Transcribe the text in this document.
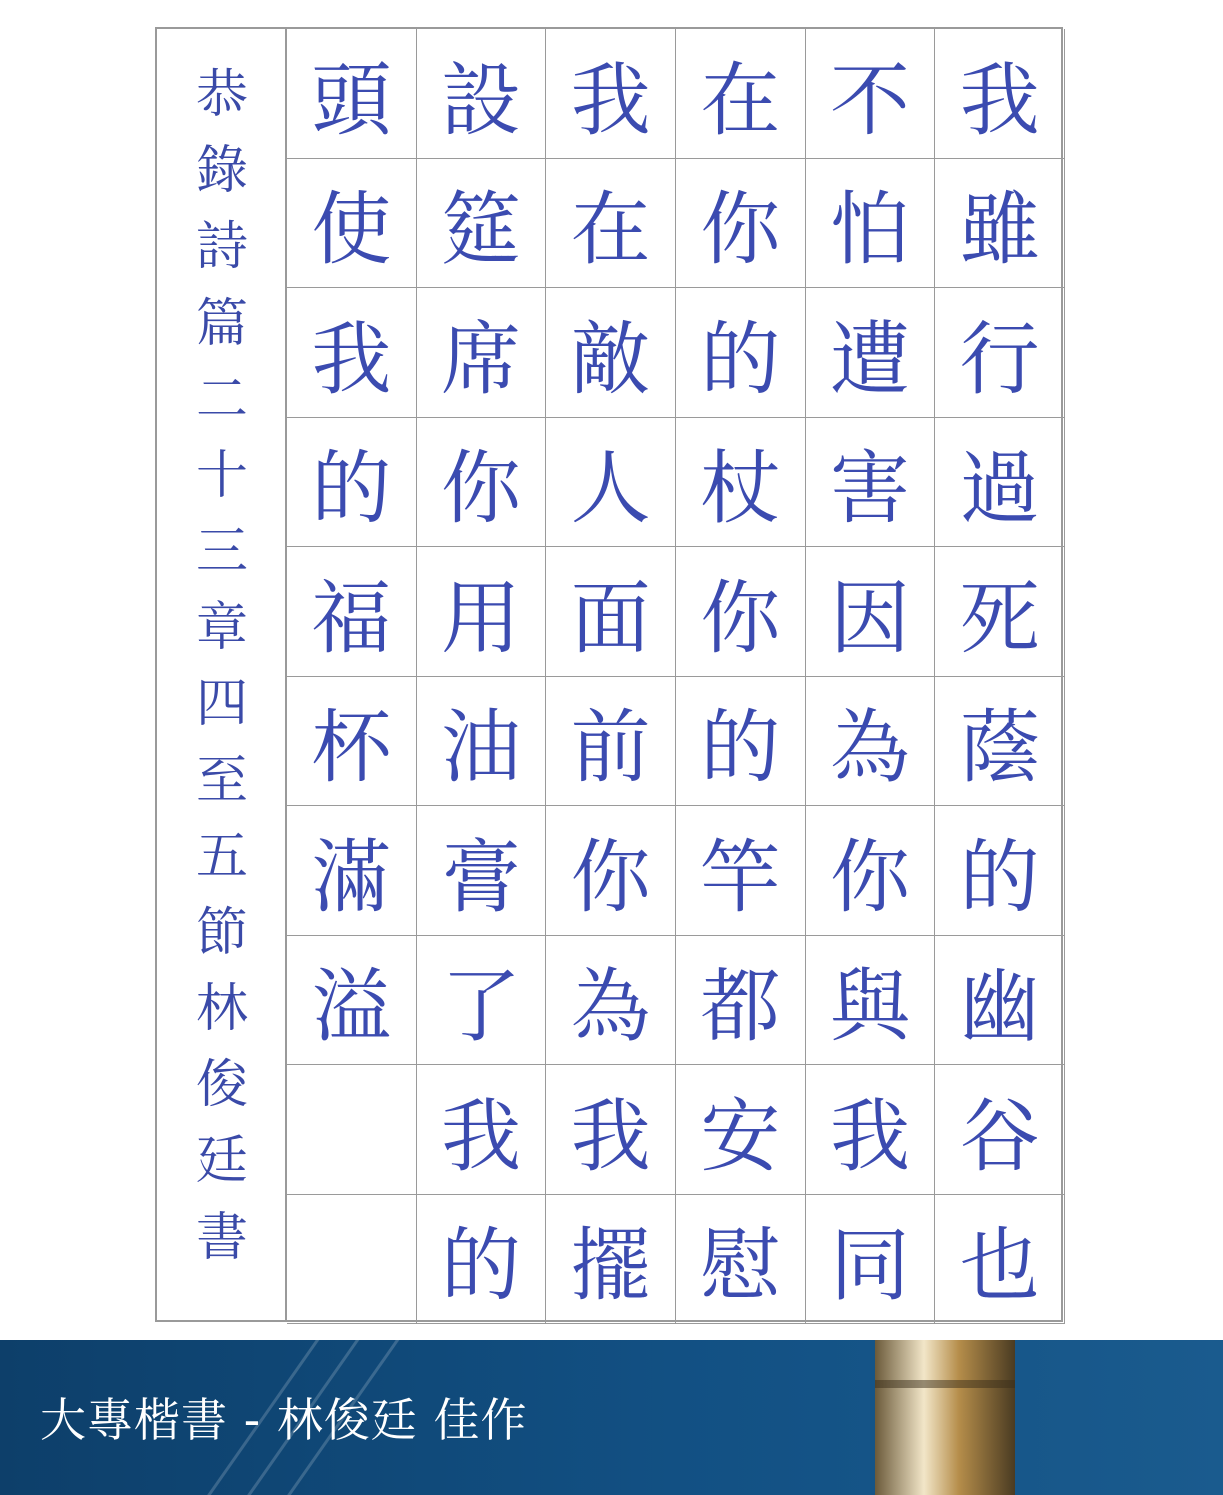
恭
錄
詩
篇
二
十
三
章
四
至
五
節
林
俊
廷
書
我
雖
行
過
死
蔭
的
幽
谷
也
不
怕
遭
害
因
為
你
與
我
同
在
你
的
杖
你
的
竿
都
安
慰
我
在
敵
人
面
前
你
為
我
擺
設
筵
席
你
用
油
膏
了
我
的
頭
使
我
的
福
杯
滿
溢
大專楷書 - 林俊廷 佳作
